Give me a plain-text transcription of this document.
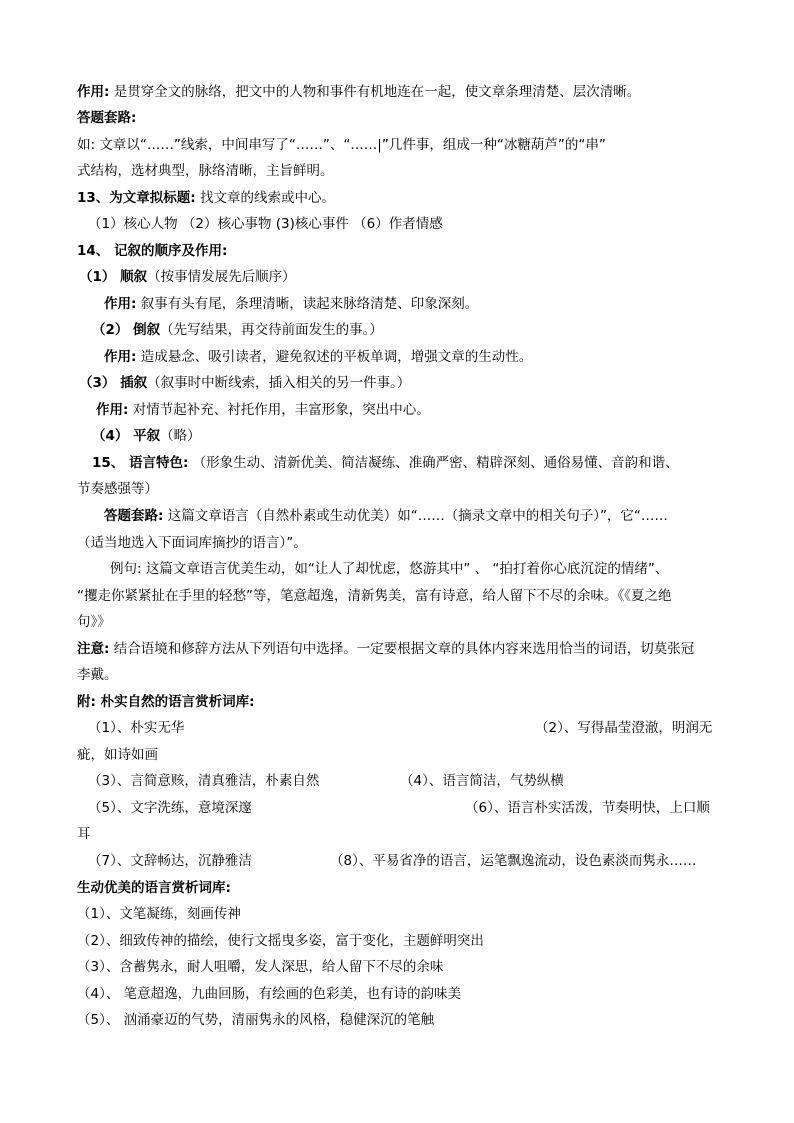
作用: 是贯穿全文的脉络，把文中的人物和事件有机地连在一起，使文章条理清楚、层次清晰。
答题套路:
如: 文章以“……”线索，中间串写了“……”、“……|”几件事，组成一种“冰糖葫芦”的“串”
式结构，选材典型，脉络清晰，主旨鲜明。
13、为文章拟标题: 找文章的线索或中心。
（1）核心人物 （2）核心事物 (3)核心事件 （6）作者情感
14、 记叙的顺序及作用:
（1） 顺叙（按事情发展先后顺序）
作用: 叙事有头有尾，条理清晰，读起来脉络清楚、印象深刻。
（2） 倒叙（先写结果，再交待前面发生的事。）
作用: 造成悬念、吸引读者，避免叙述的平板单调，增强文章的生动性。
（3） 插叙（叙事时中断线索，插入相关的另一件事。）
作用: 对情节起补充、衬托作用，丰富形象，突出中心。
（4） 平叙（略）
15、 语言特色: （形象生动、清新优美、简洁凝练、准确严密、精辟深刻、通俗易懂、音韵和谐、
节奏感强等）
答题套路: 这篇文章语言（自然朴素或生动优美）如“……（摘录文章中的相关句子）”，它“……
（适当地选入下面词库摘抄的语言）”。
例句: 这篇文章语言优美生动，如“让人了却忧虑，悠游其中” 、 “拍打着你心底沉淀的情绪”、
“攫走你紧紧扯在手里的轻愁”等，笔意超逸，清新隽美，富有诗意，给人留下不尽的余味。《《夏之绝
句》》
注意: 结合语境和修辞方法从下列语句中选择。一定要根据文章的具体内容来选用恰当的词语，切莫张冠
李戴。
附: 朴实自然的语言赏析词库:
（1）、朴实无华	（2）、写得晶莹澄澈，明润无
疵，如诗如画
（3）、言简意赅，清真雅洁，朴素自然	（4）、语言简洁，气势纵横
（5）、文字洗练，意境深邃	（6）、语言朴实活泼，节奏明快，上口顺
耳
（7）、文辞畅达，沉静雅洁	（8）、平易省净的语言，运笔飘逸流动，设色素淡而隽永……
生动优美的语言赏析词库:
（1）、文笔凝练，刻画传神
（2）、细致传神的描绘，使行文摇曳多姿，富于变化，主题鲜明突出
（3）、含蓄隽永，耐人咀嚼，发人深思，给人留下不尽的余味
（4）、 笔意超逸，九曲回肠，有绘画的色彩美，也有诗的韵味美
（5）、 汹涌豪迈的气势，清丽隽永的风格，稳健深沉的笔触
